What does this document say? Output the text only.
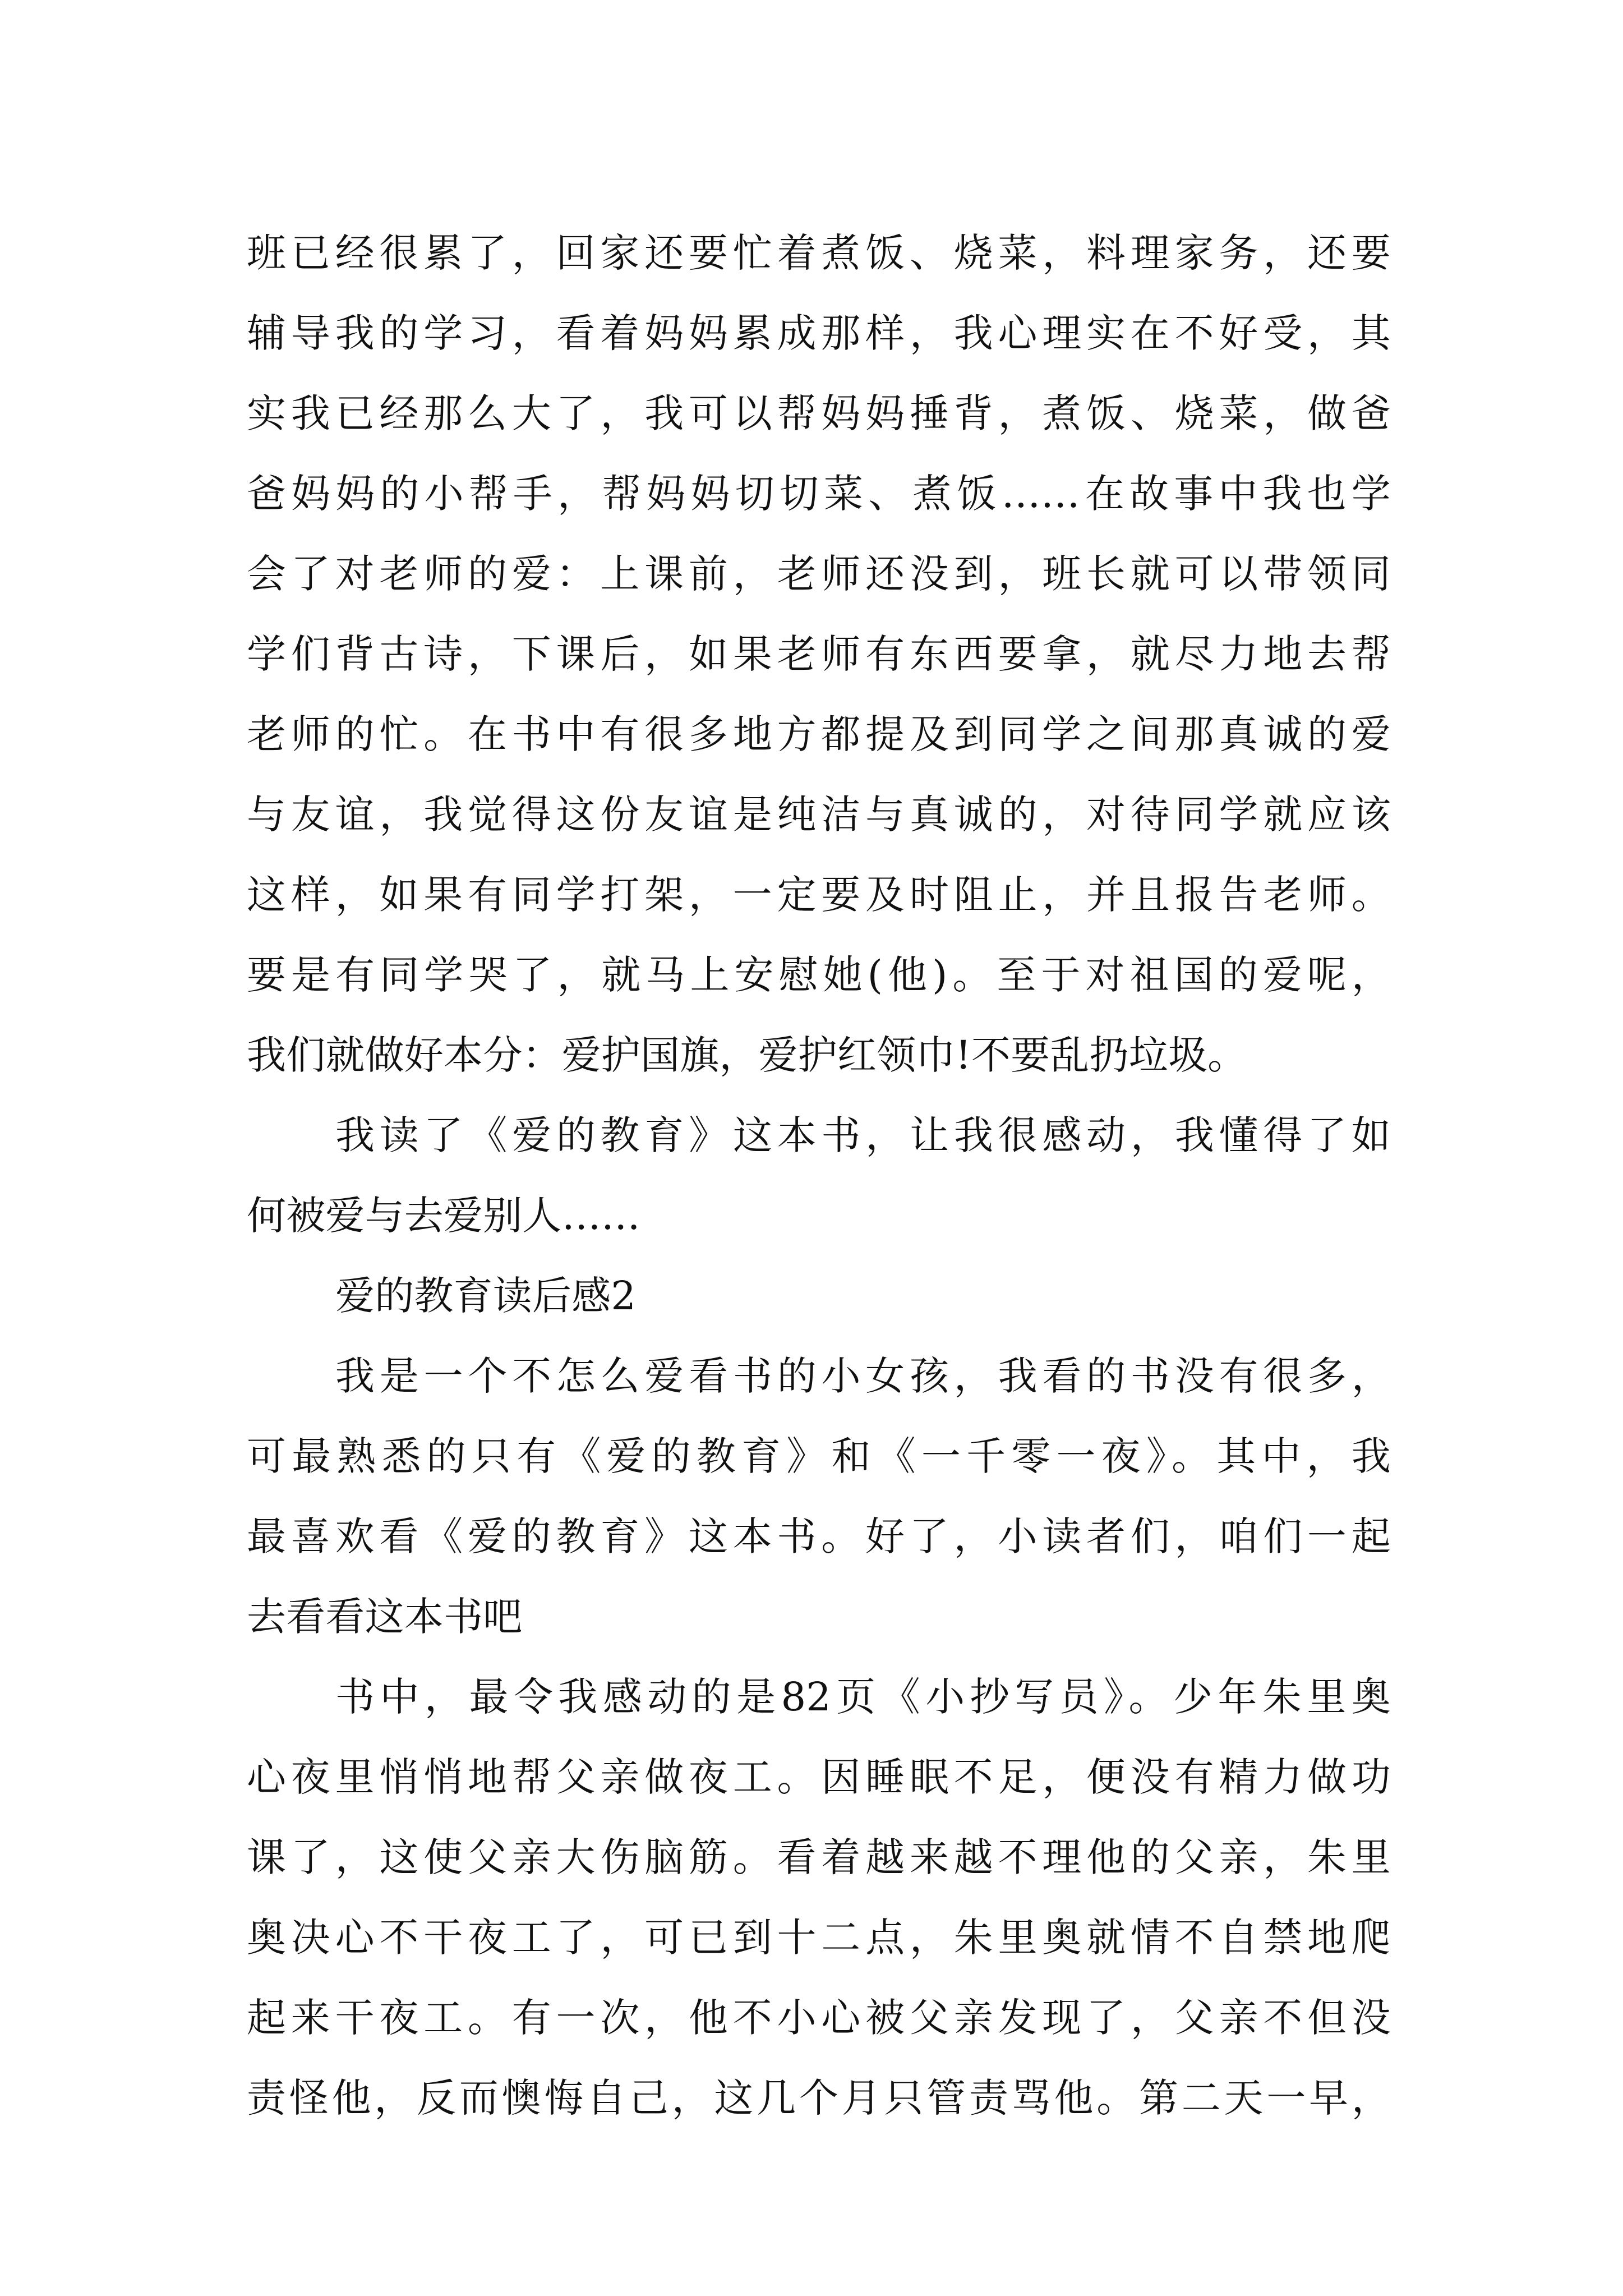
班已经很累了，回家还要忙着煮饭、烧菜，料理家务，还要
辅导我的学习，看着妈妈累成那样，我心理实在不好受，其
实我已经那么大了，我可以帮妈妈捶背，煮饭、烧菜，做爸
爸妈妈的小帮手，帮妈妈切切菜、煮饭……在故事中我也学
会了对老师的爱：上课前，老师还没到，班长就可以带领同
学们背古诗，下课后，如果老师有东西要拿，就尽力地去帮
老师的忙。在书中有很多地方都提及到同学之间那真诚的爱
与友谊，我觉得这份友谊是纯洁与真诚的，对待同学就应该
这样，如果有同学打架，一定要及时阻止，并且报告老师。
要是有同学哭了，就马上安慰她(他)。至于对祖国的爱呢，
我们就做好本分：爱护国旗，爱护红领巾!不要乱扔垃圾。
我读了《爱的教育》这本书，让我很感动，我懂得了如
何被爱与去爱别人……
爱的教育读后感2
我是一个不怎么爱看书的小女孩，我看的书没有很多，
可最熟悉的只有《爱的教育》和《一千零一夜》。其中，我
最喜欢看《爱的教育》这本书。好了，小读者们，咱们一起
去看看这本书吧
书中，最令我感动的是82页《小抄写员》。少年朱里奥
心夜里悄悄地帮父亲做夜工。因睡眠不足，便没有精力做功
课了，这使父亲大伤脑筋。看着越来越不理他的父亲，朱里
奥决心不干夜工了，可已到十二点，朱里奥就情不自禁地爬
起来干夜工。有一次，他不小心被父亲发现了，父亲不但没
责怪他，反而懊悔自己，这几个月只管责骂他。第二天一早，
